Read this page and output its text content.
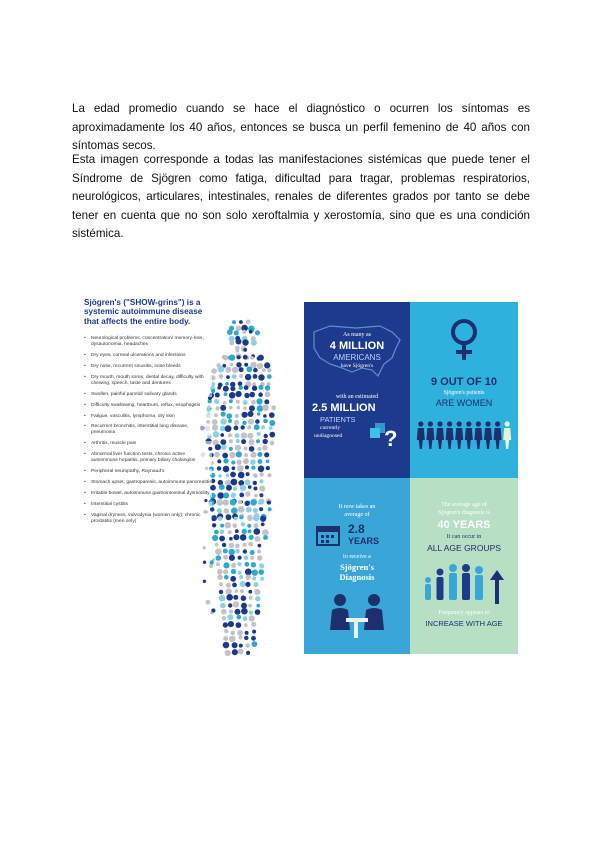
La edad promedio cuando se hace el diagnóstico o ocurren los síntomas es aproximadamente los 40 años, entonces se busca un perfil femenino de 40 años con síntomas secos.

Esta imagen corresponde a todas las manifestaciones sistémicas que puede tener el Síndrome de Sjögren como fatiga, dificultad para tragar, problemas respiratorios, neurológicos, articulares, intestinales, renales de diferentes grados por tanto se debe tener en cuenta que no son solo xeroftalmia y xerostomía, sino que es una condición sistémica.

Sjögren's ("SHOW-grins") is a systemic autoimmune disease that affects the entire body.
• Neurological problems, concentration/ memory-loss, dysautonomia, headaches
• Dry eyes, corneal ulcerations and infections
• Dry nose, recurrent sinusitis, nose bleeds
• Dry mouth, mouth sores, dental decay, difficulty with chewing, speech, taste and dentures
• Swollen, painful parotid/ salivary glands
• Difficulty swallowing, heartburn, reflux, esophagitis
• Fatigue, vasculitis, lymphoma, dry skin
• Recurrent bronchitis, interstitial lung disease, pneumonia
• Arthritis, muscle pain
• Abnormal liver function tests, chronic active autoimmune hepatitis, primary biliary cholangitis
• Peripheral neuropathy, Raynaud's
• Stomach upset, gastroparesis, autoimmune pancreatitis
• Irritable bowel, autoimmune gastrointestinal dysmotility
• Interstitial cystitis
• Vaginal dryness, vulvodynia (women only); chronic prostatitis (men only)
As many as
4 MILLION
AMERICANS
have Sjögren's
with an estimated
2.5 MILLION
PATIENTS
currently
undiagnosed ?
9 OUT OF 10
Sjögren's patients
ARE WOMEN
It now takes an
average of
2.8
YEARS
to receive a
Sjögren's
Diagnosis
The average age of
Sjögren's diagnosis is
40 YEARS
It can occur in
ALL AGE GROUPS
Frequency appears to
INCREASE WITH AGE
